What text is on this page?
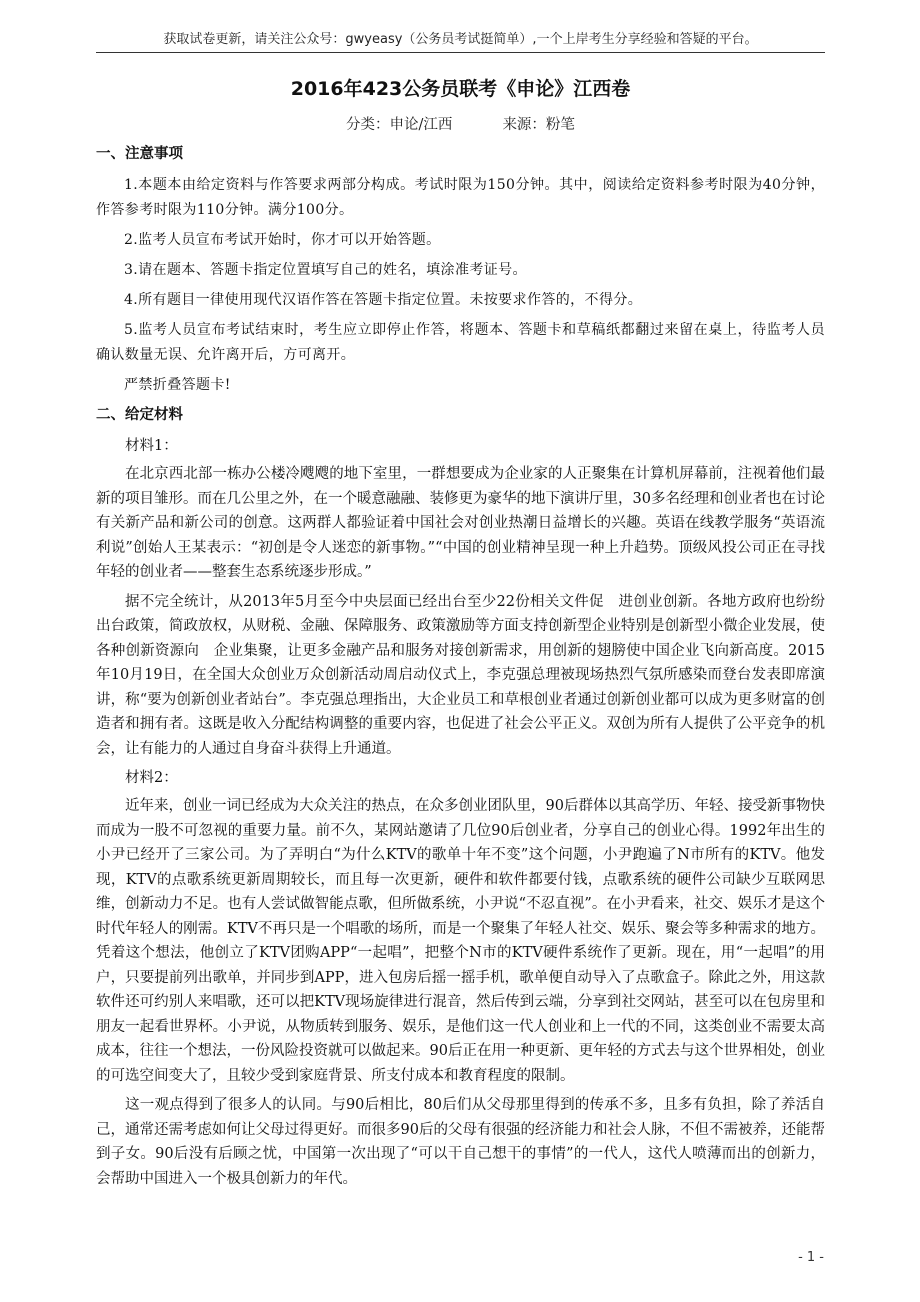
获取试卷更新，请关注公众号：gwyeasy（公务员考试挺简单）,一个上岸考生分享经验和答疑的平台。
2016年423公务员联考《申论》江西卷
分类：申论/江西	来源：粉笔
一、注意事项

1.本题本由给定资料与作答要求两部分构成。考试时限为150分钟。其中，阅读给定资料参考时限为40分钟，作答参考时限为110分钟。满分100分。

2.监考人员宣布考试开始时，你才可以开始答题。

3.请在题本、答题卡指定位置填写自己的姓名，填涂准考证号。

4.所有题目一律使用现代汉语作答在答题卡指定位置。未按要求作答的，不得分。

5.监考人员宣布考试结束时，考生应立即停止作答，将题本、答题卡和草稿纸都翻过来留在桌上，待监考人员确认数量无误、允许离开后，方可离开。

严禁折叠答题卡!

二、给定材料
材料1：

在北京西北部一栋办公楼冷飕飕的地下室里，一群想要成为企业家的人正聚集在计算机屏幕前，注视着他们最新的项目雏形。而在几公里之外，在一个暖意融融、装修更为豪华的地下演讲厅里，30多名经理和创业者也在讨论有关新产品和新公司的创意。这两群人都验证着中国社会对创业热潮日益增长的兴趣。英语在线教学服务“英语流利说”创始人王某表示：“初创是令人迷恋的新事物。”“中国的创业精神呈现一种上升趋势。顶级风投公司正在寻找年轻的创业者——整套生态系统逐步形成。”

据不完全统计，从2013年5月至今中央层面已经出台至少22份相关文件促　进创业创新。各地方政府也纷纷出台政策，简政放权，从财税、金融、保障服务、政策激励等方面支持创新型企业特别是创新型小微企业发展，使各种创新资源向　企业集聚，让更多金融产品和服务对接创新需求，用创新的翅膀使中国企业飞向新高度。2015年10月19日，在全国大众创业万众创新活动周启动仪式上，李克强总理被现场热烈气氛所感染而登台发表即席演讲，称“要为创新创业者站台”。李克强总理指出，大企业员工和草根创业者通过创新创业都可以成为更多财富的创造者和拥有者。这既是收入分配结构调整的重要内容，也促进了社会公平正义。双创为所有人提供了公平竞争的机会，让有能力的人通过自身奋斗获得上升通道。

材料2：

近年来，创业一词已经成为大众关注的热点，在众多创业团队里，90后群体以其高学历、年轻、接受新事物快而成为一股不可忽视的重要力量。前不久，某网站邀请了几位90后创业者，分享自己的创业心得。1992年出生的小尹已经开了三家公司。为了弄明白“为什么KTV的歌单十年不变”这个问题，小尹跑遍了N市所有的KTV。他发现，KTV的点歌系统更新周期较长，而且每一次更新，硬件和软件都要付钱，点歌系统的硬件公司缺少互联网思维，创新动力不足。也有人尝试做智能点歌，但所做系统，小尹说“不忍直视”。在小尹看来，社交、娱乐才是这个时代年轻人的刚需。KTV不再只是一个唱歌的场所，而是一个聚集了年轻人社交、娱乐、聚会等多种需求的地方。凭着这个想法，他创立了KTV团购APP“一起唱”，把整个N市的KTV硬件系统作了更新。现在，用“一起唱”的用户，只要提前列出歌单，并同步到APP，进入包房后摇一摇手机，歌单便自动导入了点歌盒子。除此之外，用这款软件还可约别人来唱歌，还可以把KTV现场旋律进行混音，然后传到云端，分享到社交网站，甚至可以在包房里和朋友一起看世界杯。小尹说，从物质转到服务、娱乐，是他们这一代人创业和上一代的不同，这类创业不需要太高成本，往往一个想法，一份风险投资就可以做起来。90后正在用一种更新、更年轻的方式去与这个世界相处，创业的可选空间变大了，且较少受到家庭背景、所支付成本和教育程度的限制。

这一观点得到了很多人的认同。与90后相比，80后们从父母那里得到的传承不多，且多有负担，除了养活自己，通常还需考虑如何让父母过得更好。而很多90后的父母有很强的经济能力和社会人脉，不但不需被养，还能帮到子女。90后没有后顾之忧，中国第一次出现了“可以干自己想干的事情”的一代人，这代人喷薄而出的创新力，会帮助中国进入一个极具创新力的年代。

- 1 -
